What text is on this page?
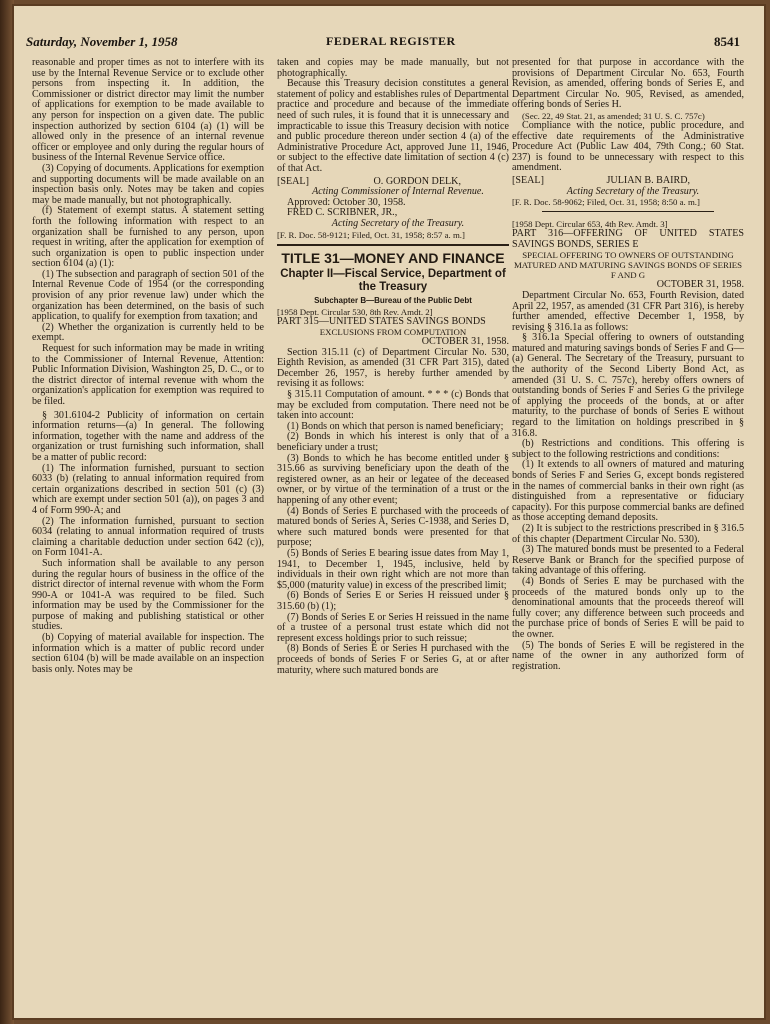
Saturday, November 1, 1958	FEDERAL REGISTER	8541

reasonable and proper times as not to interfere with its use by the Internal Revenue Service or to exclude other persons from inspecting it. In addition, the Commissioner or district director may limit the number of applications for exemption to be made available to any person for inspection on a given date. The public inspection authorized by section 6104 (a) (1) will be allowed only in the presence of an internal revenue officer or employee and only during the regular hours of business of the Internal Revenue Service office.

(3) Copying of documents. Applications for exemption and supporting documents will be made available on an inspection basis only. Notes may be taken and copies may be made manually, but not photographically.

(f) Statement of exempt status. A statement setting forth the following information with respect to an organization shall be furnished to any person, upon request in writing, after the application for exemption of such organization is open to public inspection under section 6104 (a) (1):

(1) The subsection and paragraph of section 501 of the Internal Revenue Code of 1954 (or the corresponding provision of any prior revenue law) under which the organization has been determined, on the basis of such application, to qualify for exemption from taxation; and

(2) Whether the organization is currently held to be exempt.

Request for such information may be made in writing to the Commissioner of Internal Revenue, Attention: Public Information Division, Washington 25, D. C., or to the district director of internal revenue with whom the organization's application for exemption was required to be filed.

§ 301.6104-2 Publicity of information on certain information returns—(a) In general. The following information, together with the name and address of the organization or trust furnishing such information, shall be a matter of public record:

(1) The information furnished, pursuant to section 6033 (b) (relating to annual information required from certain organizations described in section 501 (c) (3) which are exempt under section 501 (a)), on pages 3 and 4 of Form 990-A; and

(2) The information furnished, pursuant to section 6034 (relating to annual information required of trusts claiming a charitable deduction under section 642 (c)), on Form 1041-A.

Such information shall be available to any person during the regular hours of business in the office of the district director of internal revenue with whom the Form 990-A or 1041-A was required to be filed. Such information may be used by the Commissioner for the purpose of making and publishing statistical or other studies.

(b) Copying of material available for inspection. The information which is a matter of public record under section 6104 (b) will be made available on an inspection basis only. Notes may be

taken and copies may be made manually, but not photographically.

Because this Treasury decision constitutes a general statement of policy and establishes rules of Departmental practice and procedure and because of the immediate need of such rules, it is found that it is unnecessary and impracticable to issue this Treasury decision with notice and public procedure thereon under section 4 (a) of the Administrative Procedure Act, approved June 11, 1946, or subject to the effective date limitation of section 4 (c) of that Act.

[SEAL]	O. GORDON DELK,

Acting Commissioner of Internal Revenue.

Approved: October 30, 1958.

FRED C. SCRIBNER, JR.,

Acting Secretary of the Treasury.

[F. R. Doc. 58-9121; Filed, Oct. 31, 1958; 8:57 a. m.]

TITLE 31—MONEY AND FINANCE
Chapter II—Fiscal Service, Department of the Treasury
Subchapter B—Bureau of the Public Debt

[1958 Dept. Circular 530, 8th Rev. Amdt. 2]

PART 315—UNITED STATES SAVINGS BONDS

EXCLUSIONS FROM COMPUTATION

OCTOBER 31, 1958.

Section 315.11 (c) of Department Circular No. 530, Eighth Revision, as amended (31 CFR Part 315), dated December 26, 1957, is hereby further amended by revising it as follows:

§ 315.11 Computation of amount. * * * (c) Bonds that may be excluded from computation. There need not be taken into account:

(1) Bonds on which that person is named beneficiary;

(2) Bonds in which his interest is only that of a beneficiary under a trust;

(3) Bonds to which he has become entitled under § 315.66 as surviving beneficiary upon the death of the registered owner, as an heir or legatee of the deceased owner, or by virtue of the termination of a trust or the happening of any other event;

(4) Bonds of Series E purchased with the proceeds of matured bonds of Series A, Series C-1938, and Series D, where such matured bonds were presented for that purpose;

(5) Bonds of Series E bearing issue dates from May 1, 1941, to December 1, 1945, inclusive, held by individuals in their own right which are not more than $5,000 (maturity value) in excess of the prescribed limit;

(6) Bonds of Series E or Series H reissued under § 315.60 (b) (1);

(7) Bonds of Series E or Series H reissued in the name of a trustee of a personal trust estate which did not represent excess holdings prior to such reissue;

(8) Bonds of Series E or Series H purchased with the proceeds of bonds of Series F or Series G, at or after maturity, where such matured bonds are

presented for that purpose in accordance with the provisions of Department Circular No. 653, Fourth Revision, as amended, offering bonds of Series E, and Department Circular No. 905, Revised, as amended, offering bonds of Series H.

(Sec. 22, 49 Stat. 21, as amended; 31 U. S. C. 757c)

Compliance with the notice, public procedure, and effective date requirements of the Administrative Procedure Act (Public Law 404, 79th Cong.; 60 Stat. 237) is found to be unnecessary with respect to this amendment.

[SEAL]	JULIAN B. BAIRD,

Acting Secretary of the Treasury.

[F. R. Doc. 58-9062; Filed, Oct. 31, 1958; 8:50 a. m.]

[1958 Dept. Circular 653, 4th Rev. Amdt. 3]

PART 316—OFFERING OF UNITED STATES SAVINGS BONDS, SERIES E

SPECIAL OFFERING TO OWNERS OF OUTSTANDING MATURED AND MATURING SAVINGS BONDS OF SERIES F AND G

OCTOBER 31, 1958.

Department Circular No. 653, Fourth Revision, dated April 22, 1957, as amended (31 CFR Part 316), is hereby further amended, effective December 1, 1958, by revising § 316.1a as follows:

§ 316.1a Special offering to owners of outstanding matured and maturing savings bonds of Series F and G—(a) General. The Secretary of the Treasury, pursuant to the authority of the Second Liberty Bond Act, as amended (31 U. S. C. 757c), hereby offers owners of outstanding bonds of Series F and Series G the privilege of applying the proceeds of the bonds, at or after maturity, to the purchase of bonds of Series E without regard to the limitation on holdings prescribed in § 316.8.

(b) Restrictions and conditions. This offering is subject to the following restrictions and conditions:

(1) It extends to all owners of matured and maturing bonds of Series F and Series G, except bonds registered in the names of commercial banks in their own right (as distinguished from a representative or fiduciary capacity). For this purpose commercial banks are defined as those accepting demand deposits.

(2) It is subject to the restrictions prescribed in § 316.5 of this chapter (Department Circular No. 530).

(3) The matured bonds must be presented to a Federal Reserve Bank or Branch for the specified purpose of taking advantage of this offering.

(4) Bonds of Series E may be purchased with the proceeds of the matured bonds only up to the denominational amounts that the proceeds thereof will fully cover; any difference between such proceeds and the purchase price of bonds of Series E will be paid to the owner.

(5) The bonds of Series E will be registered in the name of the owner in any authorized form of registration.
